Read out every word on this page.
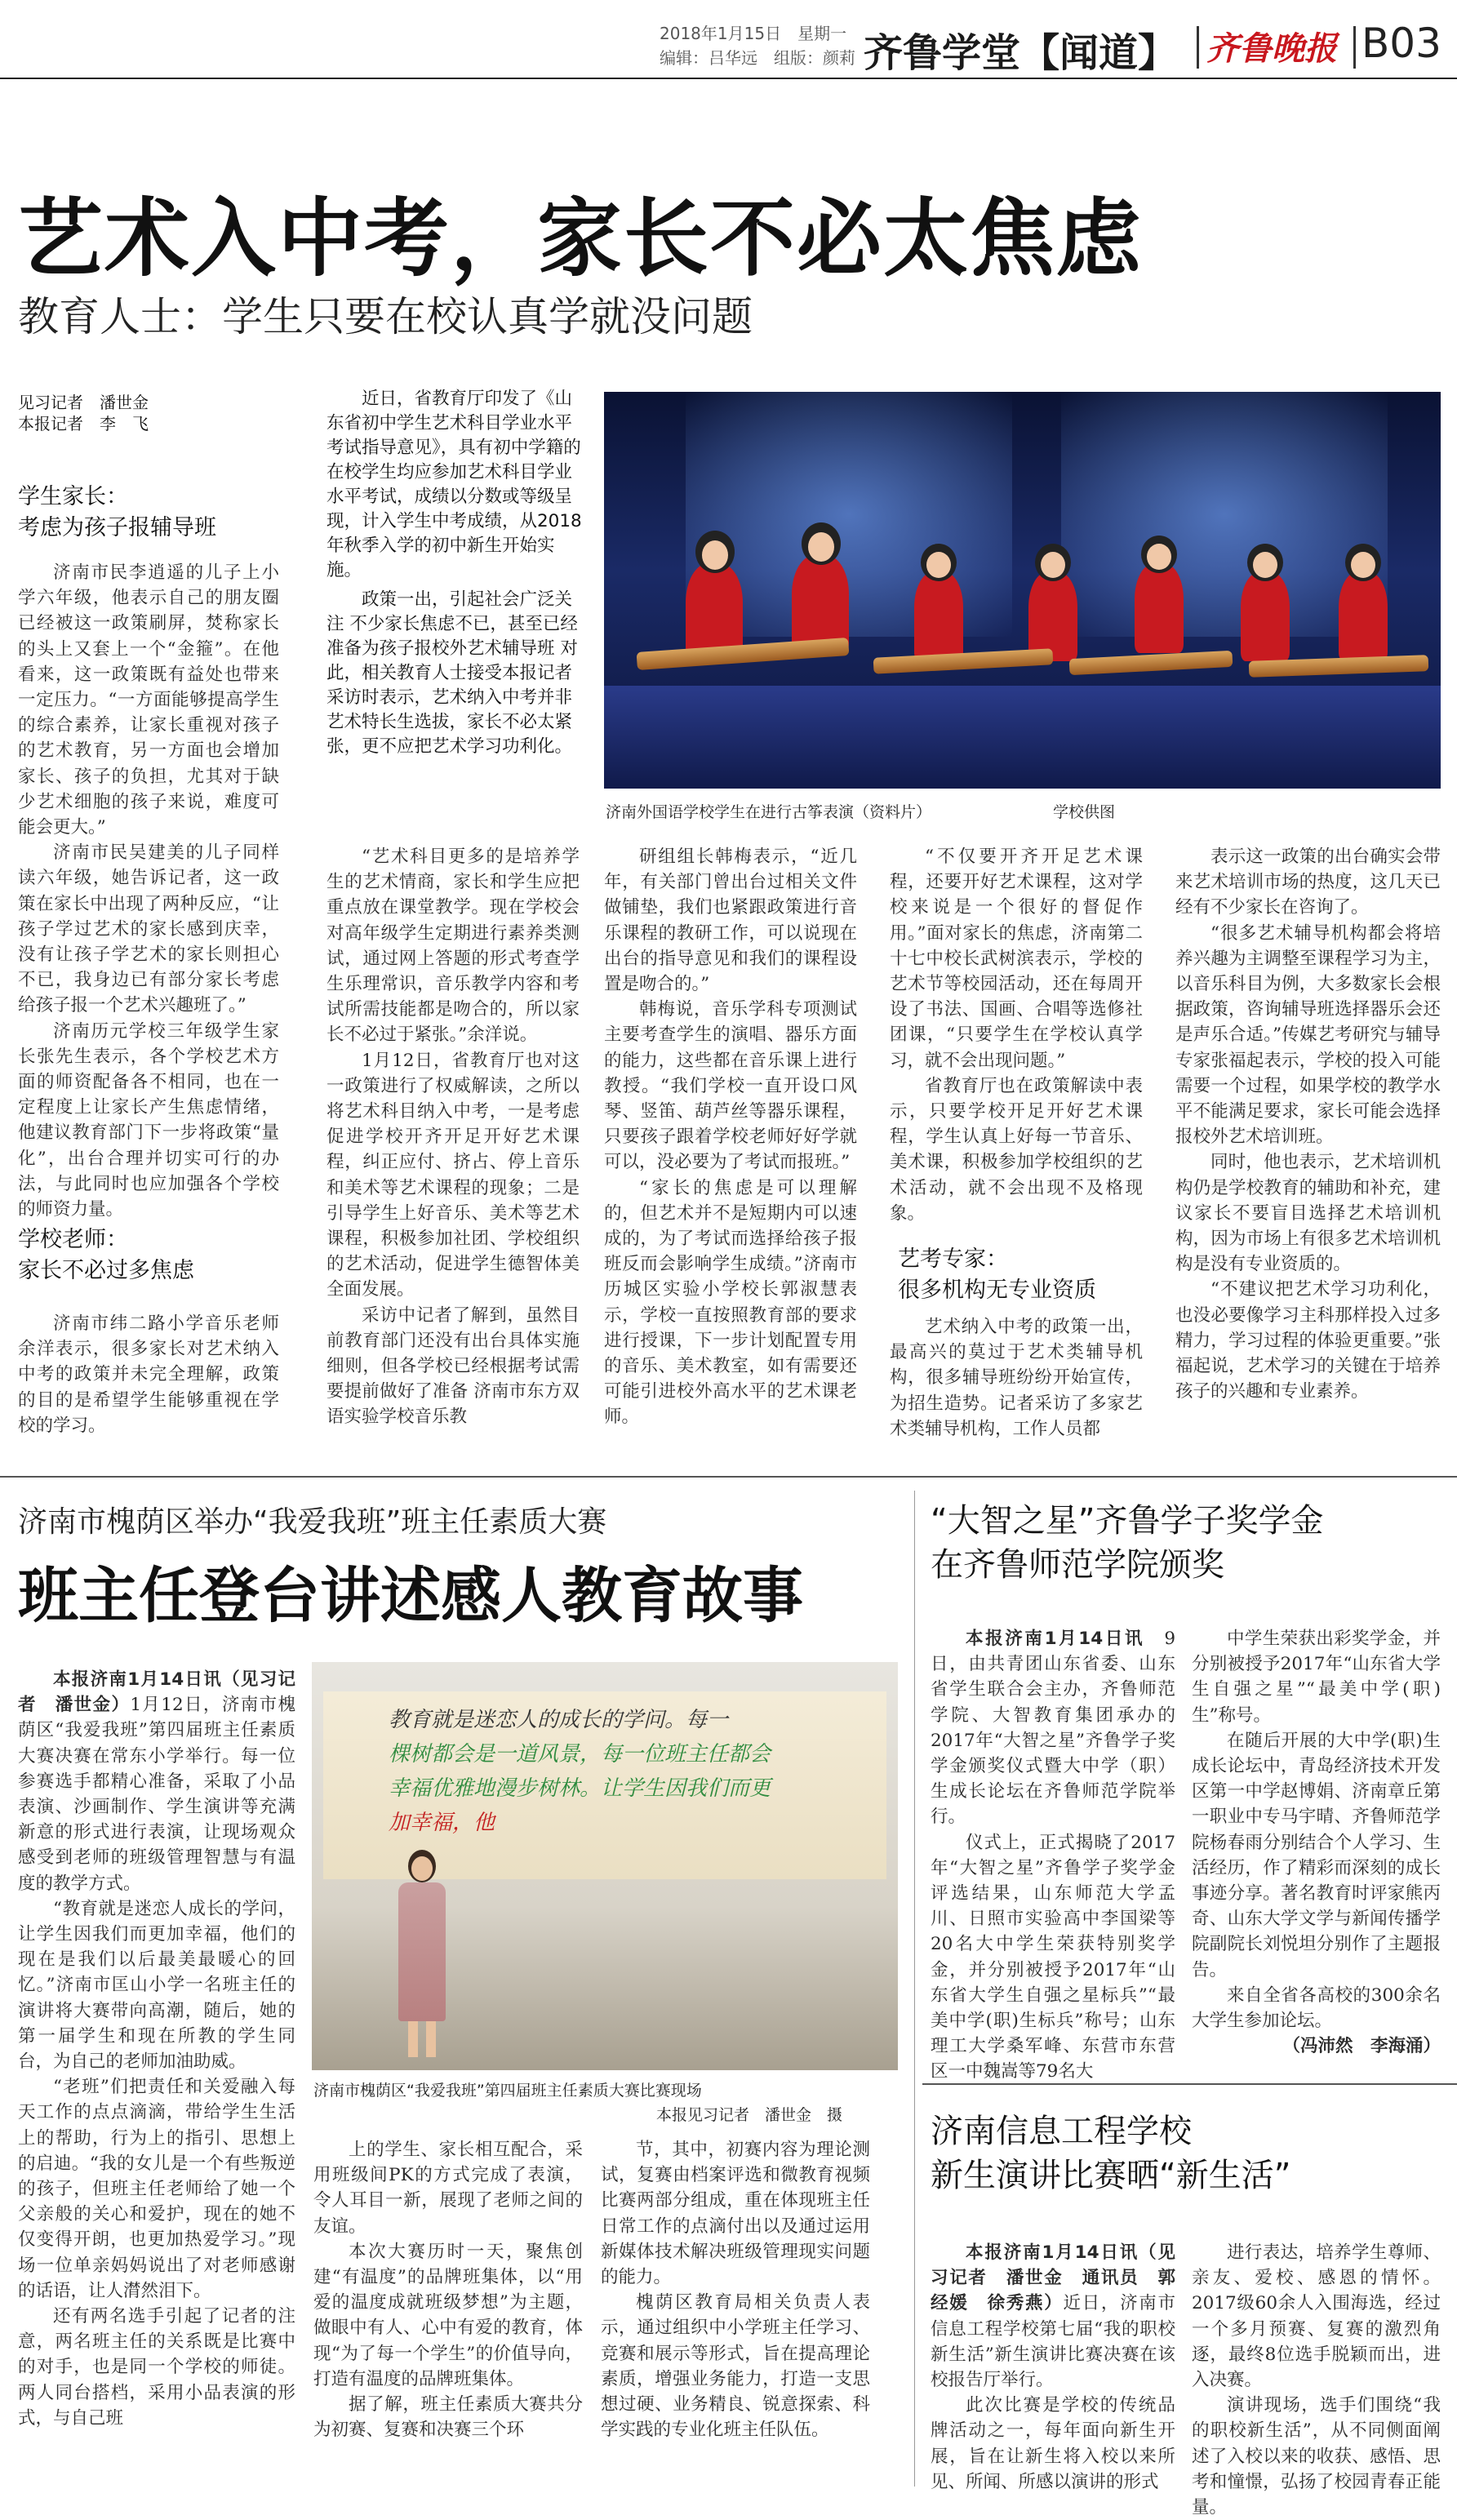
2018年1月15日　 星期一
编辑：吕华远　组版：颜莉 齐鲁学堂【闻道】 齐鲁晚报 B03
艺术入中考，家长不必太焦虑
教育人士：学生只要在校认真学就没问题
见习记者　潘世金
本报记者　李　飞
学生家长：
考虑为孩子报辅导班

济南市民李逍遥的儿子上小学六年级，他表示自己的朋友圈已经被这一政策刷屏，焚称家长的头上又套上一个“金箍”。在他看来，这一政策既有益处也带来一定压力。“一方面能够提高学生的综合素养，让家长重视对孩子的艺术教育，另一方面也会增加家长、孩子的负担，尤其对于缺少艺术细胞的孩子来说，难度可能会更大。”

济南市民吴建美的儿子同样读六年级，她告诉记者，这一政策在家长中出现了两种反应，“让孩子学过艺术的家长感到庆幸，没有让孩子学艺术的家长则担心不已，我身边已有部分家长考虑给孩子报一个艺术兴趣班了。”

济南历元学校三年级学生家长张先生表示，各个学校艺术方面的师资配备各不相同，也在一定程度上让家长产生焦虑情绪，他建议教育部门下一步将政策“量化”，出台合理并切实可行的办法，与此同时也应加强各个学校的师资力量。

学校老师：
家长不必过多焦虑

济南市纬二路小学音乐老师余洋表示，很多家长对艺术纳入中考的政策并未完全理解，政策的目的是希望学生能够重视在学校的学习。

近日，省教育厅印发了《山东省初中学生艺术科目学业水平考试指导意见》，具有初中学籍的在校学生均应参加艺术科目学业水平考试，成绩以分数或等级呈现，计入学生中考成绩，从2018年秋季入学的初中新生开始实施。

政策一出，引起社会广泛关注 不少家长焦虑不已，甚至已经准备为孩子报校外艺术辅导班 对此，相关教育人士接受本报记者采访时表示，艺术纳入中考并非艺术特长生选拔，家长不必太紧张，更不应把艺术学习功利化。

济南外国语学校学生在进行古筝表演（资料片）	学校供图

“艺术科目更多的是培养学生的艺术情商，家长和学生应把重点放在课堂教学。现在学校会对高年级学生定期进行素养类测试，通过网上答题的形式考查学生乐理常识，音乐教学内容和考试所需技能都是吻合的，所以家长不必过于紧张。”余洋说。

1月12日，省教育厅也对这一政策进行了权威解读，之所以将艺术科目纳入中考，一是考虑促进学校开齐开足开好艺术课程，纠正应付、挤占、停上音乐和美术等艺术课程的现象；二是引导学生上好音乐、美术等艺术课程，积极参加社团、学校组织的艺术活动，促进学生德智体美全面发展。

采访中记者了解到，虽然目前教育部门还没有出台具体实施细则，但各学校已经根据考试需要提前做好了准备 济南市东方双语实验学校音乐教

研组组长韩梅表示，“近几年，有关部门曾出台过相关文件做铺垫，我们也紧跟政策进行音乐课程的教研工作，可以说现在出台的指导意见和我们的课程设置是吻合的。”

韩梅说，音乐学科专项测试主要考查学生的演唱、器乐方面的能力，这些都在音乐课上进行教授。“我们学校一直开设口风琴、竖笛、葫芦丝等器乐课程，只要孩子跟着学校老师好好学就可以，没必要为了考试而报班。”

“家长的焦虑是可以理解的，但艺术并不是短期内可以速成的，为了考试而选择给孩子报班反而会影响学生成绩。”济南市历城区实验小学校长郭淑慧表示，学校一直按照教育部的要求进行授课，下一步计划配置专用的音乐、美术教室，如有需要还可能引进校外高水平的艺术课老师。

“不仅要开齐开足艺术课程，还要开好艺术课程，这对学校来说是一个很好的督促作用。”面对家长的焦虑，济南第二十七中校长武树滨表示，学校的艺术节等校园活动，还在每周开设了书法、国画、合唱等选修社团课，“只要学生在学校认真学习，就不会出现问题。”

省教育厅也在政策解读中表示，只要学校开足开好艺术课程，学生认真上好每一节音乐、美术课，积极参加学校组织的艺术活动，就不会出现不及格现象。

艺考专家：
很多机构无专业资质

艺术纳入中考的政策一出，最高兴的莫过于艺术类辅导机构，很多辅导班纷纷开始宣传，为招生造势。记者采访了多家艺术类辅导机构，工作人员都

表示这一政策的出台确实会带来艺术培训市场的热度，这几天已经有不少家长在咨询了。

“很多艺术辅导机构都会将培养兴趣为主调整至课程学习为主，以音乐科目为例，大多数家长会根据政策，咨询辅导班选择器乐会还是声乐合适。”传媒艺考研究与辅导专家张福起表示，学校的投入可能需要一个过程，如果学校的教学水平不能满足要求，家长可能会选择报校外艺术培训班。

同时，他也表示，艺术培训机构仍是学校教育的辅助和补充，建议家长不要盲目选择艺术培训机构，因为市场上有很多艺术培训机构是没有专业资质的。

“不建议把艺术学习功利化，也没必要像学习主科那样投入过多精力，学习过程的体验更重要。”张福起说，艺术学习的关键在于培养孩子的兴趣和专业素养。

济南市槐荫区举办“我爱我班”班主任素质大赛
班主任登台讲述感人教育故事
本报济南1月14日讯（见习记者　潘世金）1月12日，济南市槐荫区“我爱我班”第四届班主任素质大赛决赛在常东小学举行。每一位参赛选手都精心准备，采取了小品表演、沙画制作、学生演讲等充满新意的形式进行表演，让现场观众感受到老师的班级管理智慧与有温度的教学方式。

“教育就是迷恋人成长的学问，让学生因我们而更加幸福，他们的现在是我们以后最美最暖心的回忆。”济南市匡山小学一名班主任的演讲将大赛带向高潮，随后，她的第一届学生和现在所教的学生同台，为自己的老师加油助威。

“老班”们把责任和关爱融入每天工作的点点滴滴，带给学生生活上的帮助，行为上的指引、思想上的启迪。“我的女儿是一个有些叛逆的孩子，但班主任老师给了她一个父亲般的关心和爱护，现在的她不仅变得开朗，也更加热爱学习。”现场一位单亲妈妈说出了对老师感谢的话语，让人潸然泪下。

还有两名选手引起了记者的注意，两名班主任的关系既是比赛中的对手，也是同一个学校的师徒。两人同台搭档，采用小品表演的形式，与自己班

教育就是迷恋人的成长的学问。每一
棵树都会是一道风景，每一位班主任都会
幸福优雅地漫步树林。让学生因我们而更
加幸福，他
济南市槐荫区“我爱我班”第四届班主任素质大赛比赛现场
本报见习记者　潘世金　摄

上的学生、家长相互配合，采用班级间PK的方式完成了表演，令人耳目一新，展现了老师之间的友谊。

本次大赛历时一天，聚焦创建“有温度”的品牌班集体，以“用爱的温度成就班级梦想”为主题，做眼中有人、心中有爱的教育，体现“为了每一个学生”的价值导向，打造有温度的品牌班集体。

据了解，班主任素质大赛共分为初赛、复赛和决赛三个环

节，其中，初赛内容为理论测试，复赛由档案评选和微教育视频比赛两部分组成，重在体现班主任日常工作的点滴付出以及通过运用新媒体技术解决班级管理现实问题的能力。

槐荫区教育局相关负责人表示，通过组织中小学班主任学习、竞赛和展示等形式，旨在提高理论素质，增强业务能力，打造一支思想过硬、业务精良、锐意探索、科学实践的专业化班主任队伍。

“大智之星”齐鲁学子奖学金
在齐鲁师范学院颁奖
本报济南1月14日讯　 9日，由共青团山东省委、山东省学生联合会主办，齐鲁师范学院、大智教育集团承办的2017年“大智之星”齐鲁学子奖学金颁奖仪式暨大中学（职）生成长论坛在齐鲁师范学院举行。

仪式上，正式揭晓了2017年“大智之星”齐鲁学子奖学金评选结果，山东师范大学孟川、日照市实验高中李国梁等20名大中学生荣获特别奖学金，并分别被授予2017年“山东省大学生自强之星标兵”“最美中学(职)生标兵”称号；山东理工大学桑军峰、东营市东营区一中魏嵩等79名大

中学生荣获出彩奖学金，并分别被授予2017年“山东省大学生自强之星”“最美中学(职)生”称号。

在随后开展的大中学(职)生成长论坛中，青岛经济技术开发区第一中学赵博娟、济南章丘第一职业中专马宇晴、齐鲁师范学院杨春雨分别结合个人学习、生活经历，作了精彩而深刻的成长事迹分享。著名教育时评家熊丙奇、山东大学文学与新闻传播学院副院长刘悦坦分别作了主题报告。

来自全省各高校的300余名大学生参加论坛。

（冯沛然　李海涌）
济南信息工程学校
新生演讲比赛晒“新生活”
本报济南1月14日讯（见习记者　潘世金　通讯员　郭经媛　徐秀燕）近日，济南市信息工程学校第七届“我的职校新生活”新生演讲比赛决赛在该校报告厅举行。

此次比赛是学校的传统品牌活动之一，每年面向新生开展，旨在让新生将入校以来所见、所闻、所感以演讲的形式

进行表达，培养学生尊师、亲友、爱校、感恩的情怀。2017级60余人入围海选，经过一个多月预赛、复赛的激烈角逐，最终8位选手脱颖而出，进入决赛。

演讲现场，选手们围绕“我的职校新生活”，从不同侧面阐述了入校以来的收获、感悟、思考和憧憬，弘扬了校园青春正能量。
